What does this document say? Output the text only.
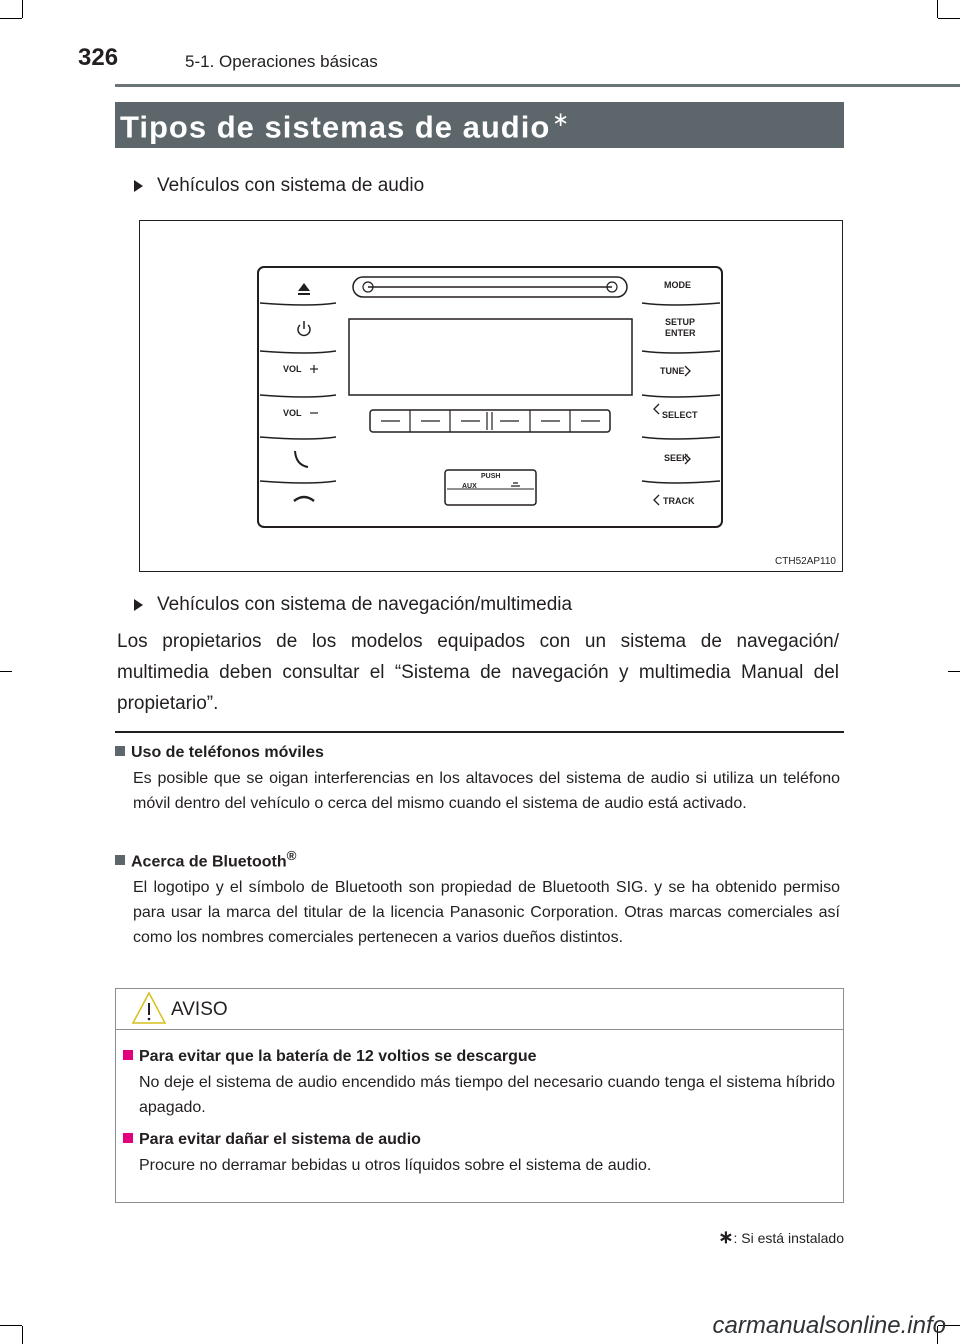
326	5-1. Operaciones básicas
Tipos de sistemas de audio ∗
Vehículos con sistema de audio
VOL
VOL
MODE
SETUP
ENTER
TUNE
SELECT
SEEK
TRACK
PUSH
AUX
CTH52AP110
Vehículos con sistema de navegación/multimedia
Los propietarios de los modelos equipados con un sistema de navegación/ multimedia deben consultar el “Sistema de navegación y multimedia Manual del propietario”.
Uso de teléfonos móviles
Es posible que se oigan interferencias en los altavoces del sistema de audio si utiliza un teléfono móvil dentro del vehículo o cerca del mismo cuando el sistema de audio está activado.
Acerca de Bluetooth®
El logotipo y el símbolo de Bluetooth son propiedad de Bluetooth SIG. y se ha obtenido permiso para usar la marca del titular de la licencia Panasonic Corporation. Otras marcas comerciales así como los nombres comerciales pertenecen a varios dueños distintos.
AVISO
Para evitar que la batería de 12 voltios se descargue
No deje el sistema de audio encendido más tiempo del necesario cuando tenga el sistema híbrido apagado.
Para evitar dañar el sistema de audio
Procure no derramar bebidas u otros líquidos sobre el sistema de audio.
∗: Si está instalado
carmanualsonline.info
